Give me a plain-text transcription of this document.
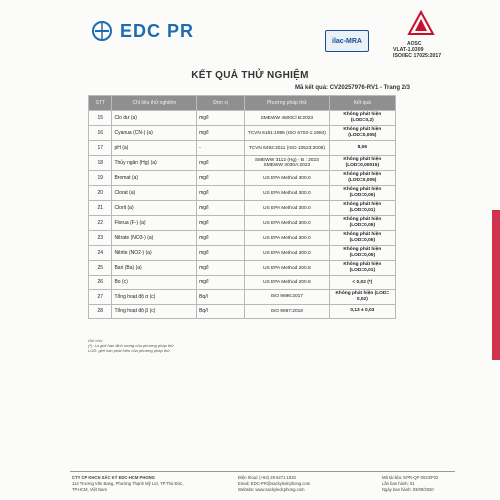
EDC PR
ilac-MRA	AOSC
VLAT-1.0309
ISO/IEC 17025:2017
KẾT QUẢ THỬ NGHIỆM
Mã kết quả: CV20257976-RV1 - Trang 2/3
STT	Chỉ tiêu thử nghiệm	Đơn vị	Phương pháp thử	Kết quả
15	Clo dư (a)	mg/l	SMEWW 4500Cl B:2023	Không phát hiện (LOD=0,2)
16	Cyanua (CN-) (a)	mg/l	TCVN 6181:1996 (ISO 6703-1:1984)	Không phát hiện (LOD=0,005)
17	pH (a)	-	TCVN 6492:2011 (ISO 10523:2008)	8,06
18	Thủy ngân (Hg) (a)	mg/l	SMEWW 3112 (Hg) - B : 2023 SMEWW 3030A:2023	Không phát hiện (LOD=0,00015)
19	Bromat (a)	mg/l	US EPA Method 300.0	Không phát hiện (LOD=0,005)
20	Clorat (a)	mg/l	US EPA Method 300.0	Không phát hiện (LOD=0,05)
21	Clorit (a)	mg/l	US EPA Method 300.0	Không phát hiện (LOD=0,01)
22	Florua (F-) (a)	mg/l	US EPA Method 300.0	Không phát hiện (LOD=0,05)
23	Nitrate (NO3-) (a)	mg/l	US EPA Method 300.0	Không phát hiện (LOD=0,05)
24	Nitrite (NO2-) (a)	mg/l	US EPA Method 300.0	Không phát hiện (LOD=0,05)
25	Bari (Ba) (a)	mg/l	US EPA Method 200.8	Không phát hiện (LOD=0,01)
26	Bo (c)	mg/l	US EPA Method 200.8	< 0,02 (*)
27	Tổng hoạt độ α (c)	Bq/l	ISO 9696:2017	Không phát hiện (LOD= 0,02)
28	Tổng hoạt độ β (c)	Bq/l	ISO 9697:2018	0,13 ± 0,03
Ghi chú:
(*): Là giới hạn định lượng của phương pháp thử
LOD: giới hạn phát hiện của phương pháp thử
CTY CP KHCN SẮC KÝ EDC-HCM PHONG
114 Trương Văn Bang, Phường Thạnh Mỹ Lợi, TP.Thủ Đức,
TP.HCM, Việt Nam
Điện thoại: (+84) 28 6271 1833
Email: EDC-PR@sackyledcphong.com
Website: www.sackyledcphong.com
Mã tài liệu: EPR-QF-0023/F02
Lần ban hành: 01
Ngày ban hành: 03/09/2020
